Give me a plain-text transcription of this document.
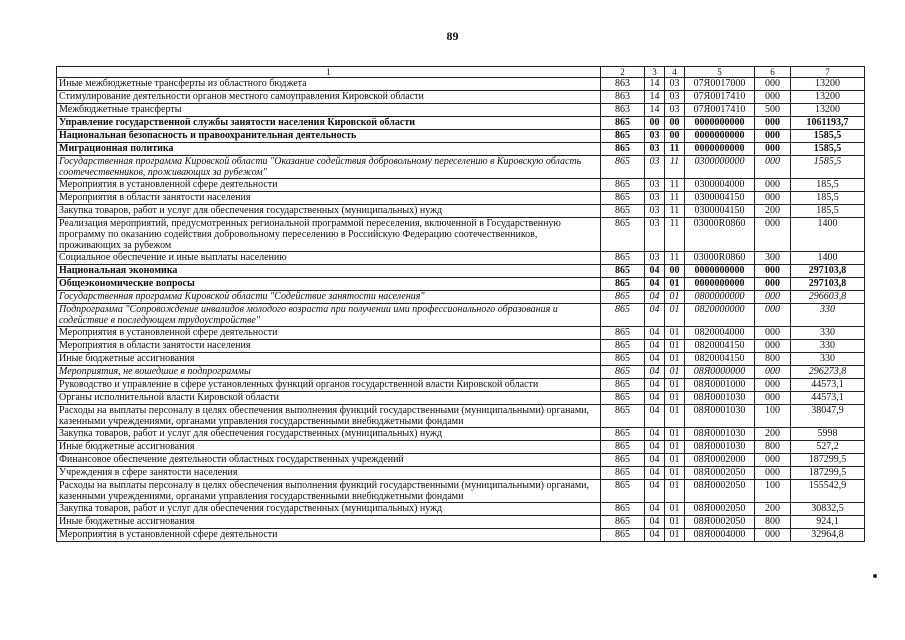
89
1	2	3	4	5	6	7
Иные межбюджетные трансферты из областного бюджета	863	14	03	07Я0017000	000	13200
Стимулирование деятельности органов местного самоуправления Кировской области	863	14	03	07Я0017410	000	13200
Межбюджетные трансферты	863	14	03	07Я0017410	500	13200
Управление государственной службы занятости населения Кировской области	865	00	00	0000000000	000	1061193,7
Национальная безопасность и правоохранительная деятельность	865	03	00	0000000000	000	1585,5
Миграционная политика	865	03	11	0000000000	000	1585,5
Государственная программа Кировской области "Оказание содействия добровольному переселению в Кировскую область соотечественников, проживающих за рубежом"	865	03	11	0300000000	000	1585,5
Мероприятия в установленной сфере деятельности	865	03	11	0300004000	000	185,5
Мероприятия в области занятости населения	865	03	11	0300004150	000	185,5
Закупка товаров, работ и услуг для обеспечения государственных (муниципальных) нужд	865	03	11	0300004150	200	185,5
Реализация мероприятий, предусмотренных региональной программой переселения, включенной в Государственную программу по оказанию содействия добровольному переселению в Российскую Федерацию соотечественников, проживающих за рубежом	865	03	11	03000R0860	000	1400
Социальное обеспечение и иные выплаты населению	865	03	11	03000R0860	300	1400
Национальная экономика	865	04	00	0000000000	000	297103,8
Общеэкономические вопросы	865	04	01	0000000000	000	297103,8
Государственная программа Кировской области "Содействие занятости населения"	865	04	01	0800000000	000	296603,8
Подпрограмма "Сопровождение инвалидов молодого возраста при получении ими профессионального образования и содействие в последующем трудоустройстве"	865	04	01	0820000000	000	330
Мероприятия в установленной сфере деятельности	865	04	01	0820004000	000	330
Мероприятия в области занятости населения	865	04	01	0820004150	000	330
Иные бюджетные ассигнования	865	04	01	0820004150	800	330
Мероприятия, не вошедшие в подпрограммы	865	04	01	08Я0000000	000	296273,8
Руководство и управление в сфере установленных функций органов государственной власти Кировской области	865	04	01	08Я0001000	000	44573,1
Органы исполнительной власти Кировской области	865	04	01	08Я0001030	000	44573,1
Расходы на выплаты персоналу в целях обеспечения выполнения функций государственными (муниципальными) органами, казенными учреждениями, органами управления государственными внебюджетными фондами	865	04	01	08Я0001030	100	38047,9
Закупка товаров, работ и услуг для обеспечения государственных (муниципальных) нужд	865	04	01	08Я0001030	200	5998
Иные бюджетные ассигнования	865	04	01	08Я0001030	800	527,2
Финансовое обеспечение деятельности областных государственных учреждений	865	04	01	08Я0002000	000	187299,5
Учреждения в сфере занятости населения	865	04	01	08Я0002050	000	187299,5
Расходы на выплаты персоналу в целях обеспечения выполнения функций государственными (муниципальными) органами, казенными учреждениями, органами управления государственными внебюджетными фондами	865	04	01	08Я0002050	100	155542,9
Закупка товаров, работ и услуг для обеспечения государственных (муниципальных) нужд	865	04	01	08Я0002050	200	30832,5
Иные бюджетные ассигнования	865	04	01	08Я0002050	800	924,1
Мероприятия в установленной сфере деятельности	865	04	01	08Я0004000	000	32964,8
